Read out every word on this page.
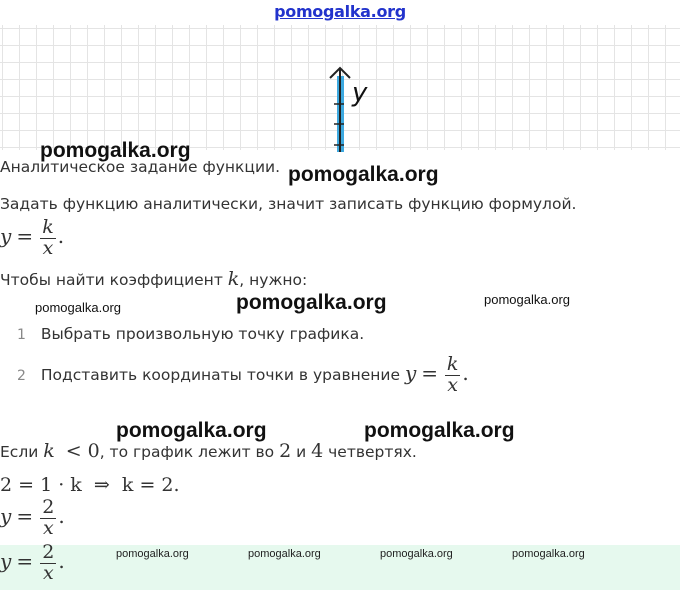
pomogalka.org
y
Аналитическое задание функции.
Задать функцию аналитически, значит записать функцию формулой.
$y = \frac{k}{x}$ .
Чтобы найти коэффициент k, нужно:
1 Выбрать произвольную точку графика.
2 Подставить координаты точки в уравнение $y = \frac{k}{x}$ .
Если k < 0, то график лежит во 2 и 4 четвертях.
2 = 1 · k  ⇒  k = 2.
$y = \frac{2}{x}$ .
$y = \frac{2}{x}$ .
pomogalka.org
pomogalka.org
pomogalka.org	pomogalka.org	pomogalka.org
pomogalka.org	pomogalka.org
pomogalka.org	pomogalka.org	pomogalka.org	pomogalka.org
